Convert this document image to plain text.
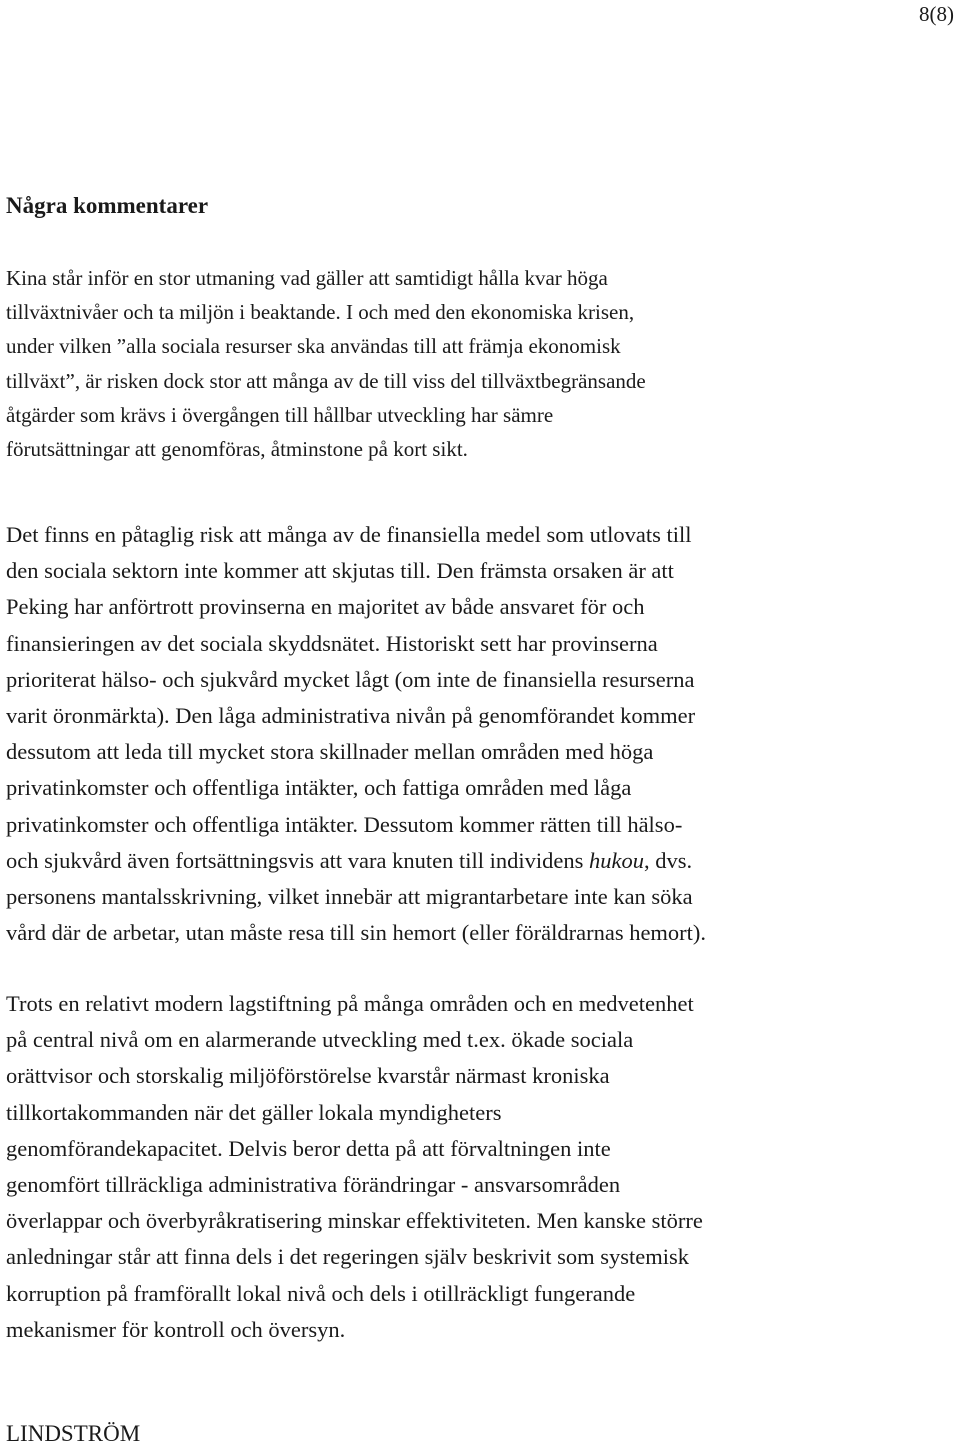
8(8)
Några kommentarer
Kina står inför en stor utmaning vad gäller att samtidigt hålla kvar höga
tillväxtnivåer och ta miljön i beaktande. I och med den ekonomiska krisen,
under vilken ”alla sociala resurser ska användas till att främja ekonomisk
tillväxt”, är risken dock stor att många av de till viss del tillväxtbegränsande
åtgärder som krävs i övergången till hållbar utveckling har sämre
förutsättningar att genomföras, åtminstone på kort sikt.
Det finns en påtaglig risk att många av de finansiella medel som utlovats till
den sociala sektorn inte kommer att skjutas till. Den främsta orsaken är att
Peking har anförtrott provinserna en majoritet av både ansvaret för och
finansieringen av det sociala skyddsnätet. Historiskt sett har provinserna
prioriterat hälso- och sjukvård mycket lågt (om inte de finansiella resurserna
varit öronmärkta). Den låga administrativa nivån på genomförandet kommer
dessutom att leda till mycket stora skillnader mellan områden med höga
privatinkomster och offentliga intäkter, och fattiga områden med låga
privatinkomster och offentliga intäkter. Dessutom kommer rätten till hälso-
och sjukvård även fortsättningsvis att vara knuten till individens hukou, dvs.
personens mantalsskrivning, vilket innebär att migrantarbetare inte kan söka
vård där de arbetar, utan måste resa till sin hemort (eller föräldrarnas hemort).
Trots en relativt modern lagstiftning på många områden och en medvetenhet
på central nivå om en alarmerande utveckling med t.ex. ökade sociala
orättvisor och storskalig miljöförstörelse kvarstår närmast kroniska
tillkortakommanden när det gäller lokala myndigheters
genomförandekapacitet. Delvis beror detta på att förvaltningen inte
genomfört tillräckliga administrativa förändringar - ansvarsområden
överlappar och överbyråkratisering minskar effektiviteten. Men kanske större
anledningar står att finna dels i det regeringen själv beskrivit som systemisk
korruption på framförallt lokal nivå och dels i otillräckligt fungerande
mekanismer för kontroll och översyn.
LINDSTRÖM
